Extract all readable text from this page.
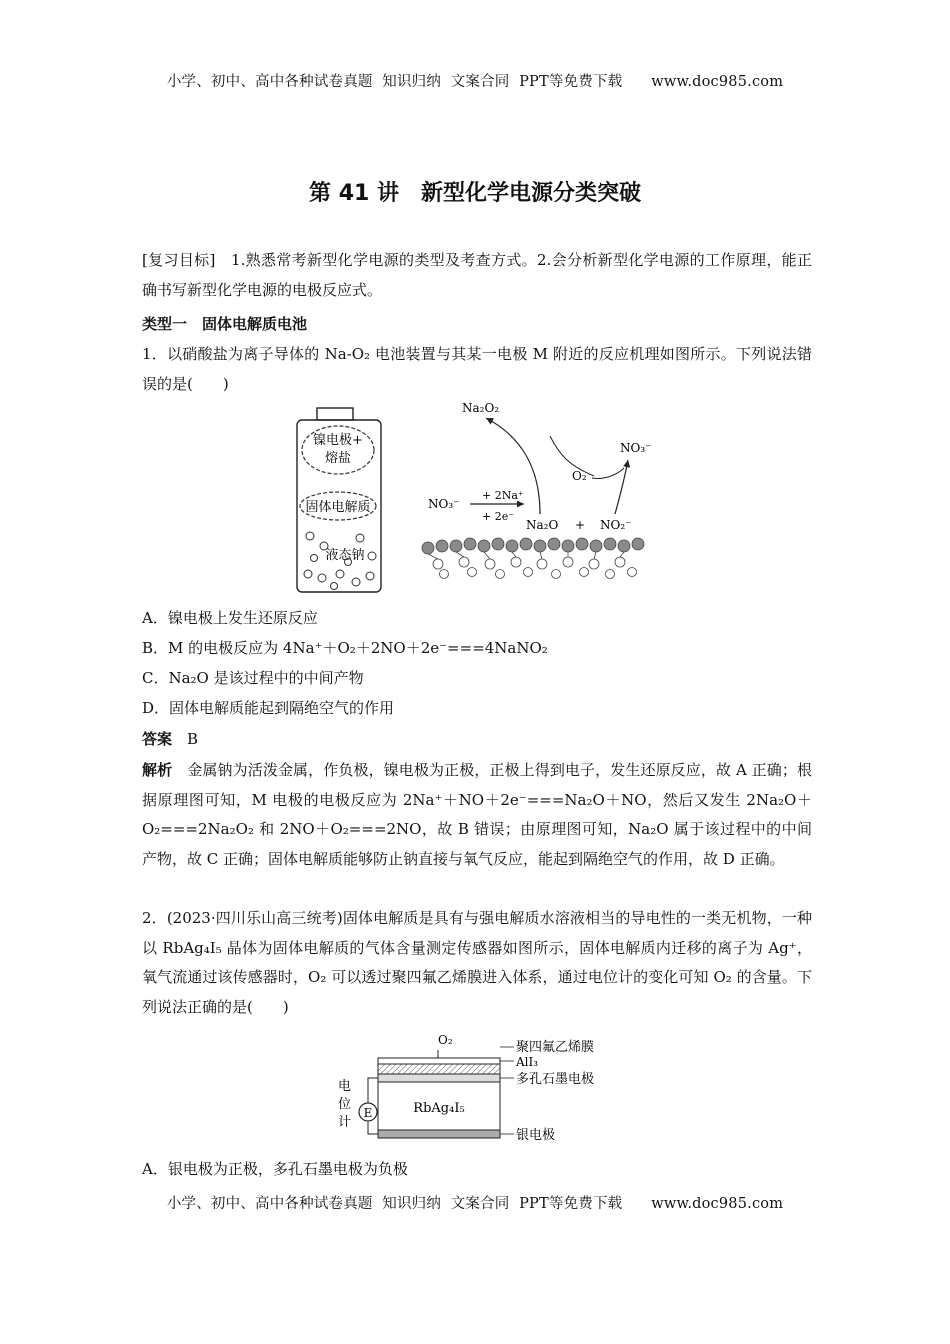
小学、初中、高中各种试卷真题  知识归纳  文案合同  PPT等免费下载      www.doc985.com
第 41 讲　新型化学电源分类突破
[复习目标]　1.熟悉常考新型化学电源的类型及考查方式。2.会分析新型化学电源的工作原理，能正确书写新型化学电源的电极反应式。
类型一　固体电解质电池
1．以硝酸盐为离子导体的 Na-O₂ 电池装置与其某一电极 M 附近的反应机理如图所示。下列说法错误的是(　　)
镍电极+
熔盐
固体电解质
液态钠
Na₂O₂
NO₃⁻
O₂
NO₃⁻
+ 2Na⁺
+ 2e⁻
Na₂O + NO₂⁻
A．镍电极上发生还原反应
B．M 的电极反应为 4Na⁺＋O₂＋2NO＋2e⁻===4NaNO₂
C．Na₂O 是该过程中的中间产物
D．固体电解质能起到隔绝空气的作用
答案　B
解析　金属钠为活泼金属，作负极，镍电极为正极，正极上得到电子，发生还原反应，故 A 正确；根据原理图可知，M 电极的电极反应为 2Na⁺＋NO＋2e⁻===Na₂O＋NO，然后又发生 2Na₂O＋O₂===2Na₂O₂ 和 2NO＋O₂===2NO，故 B 错误；由原理图可知，Na₂O 属于该过程中的中间产物，故 C 正确；固体电解质能够防止钠直接与氧气反应，能起到隔绝空气的作用，故 D 正确。
2．(2023·四川乐山高三统考)固体电解质是具有与强电解质水溶液相当的导电性的一类无机物，一种以 RbAg₄I₅ 晶体为固体电解质的气体含量测定传感器如图所示，固体电解质内迁移的离子为 Ag⁺，氧气流通过该传感器时，O₂ 可以透过聚四氟乙烯膜进入体系，通过电位计的变化可知 O₂ 的含量。下列说法正确的是(　　)
O₂
RbAg₄I₅
聚四氟乙烯膜
AlI₃
多孔石墨电极
银电极
E
电
位
计
A．银电极为正极，多孔石墨电极为负极
小学、初中、高中各种试卷真题  知识归纳  文案合同  PPT等免费下载      www.doc985.com
